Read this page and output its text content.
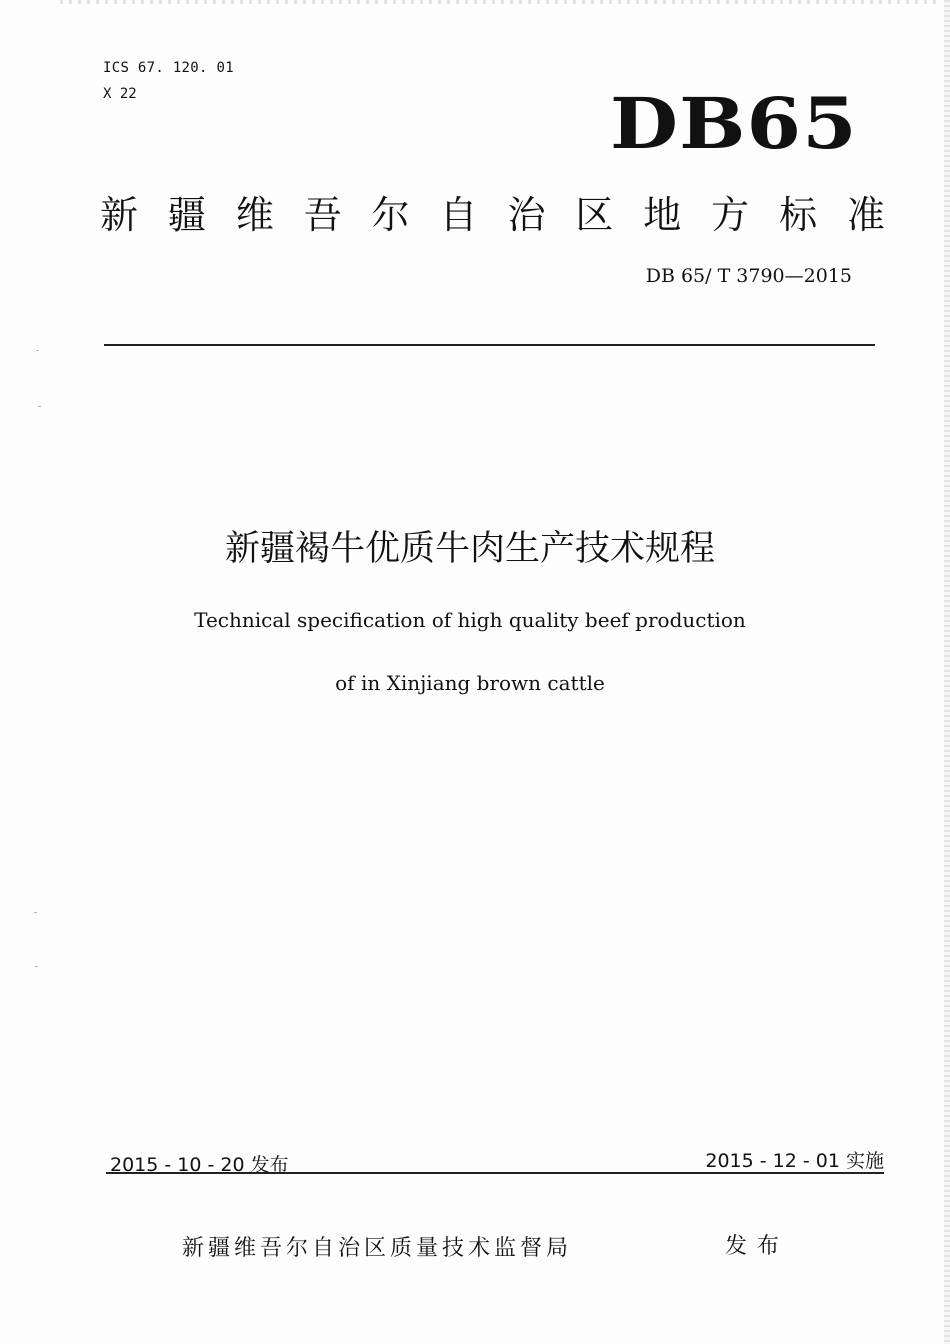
ICS 67. 120. 01
X 22	DB65
新 疆 维 吾 尔 自 治 区 地 方 标 准
DB 65/ T 3790—2015
新疆褐牛优质牛肉生产技术规程
Technical specification of high quality beef production
of in Xinjiang brown cattle
2015 - 10 - 20 发布	2015 - 12 - 01 实施
新疆维吾尔自治区质量技术监督局	发布
